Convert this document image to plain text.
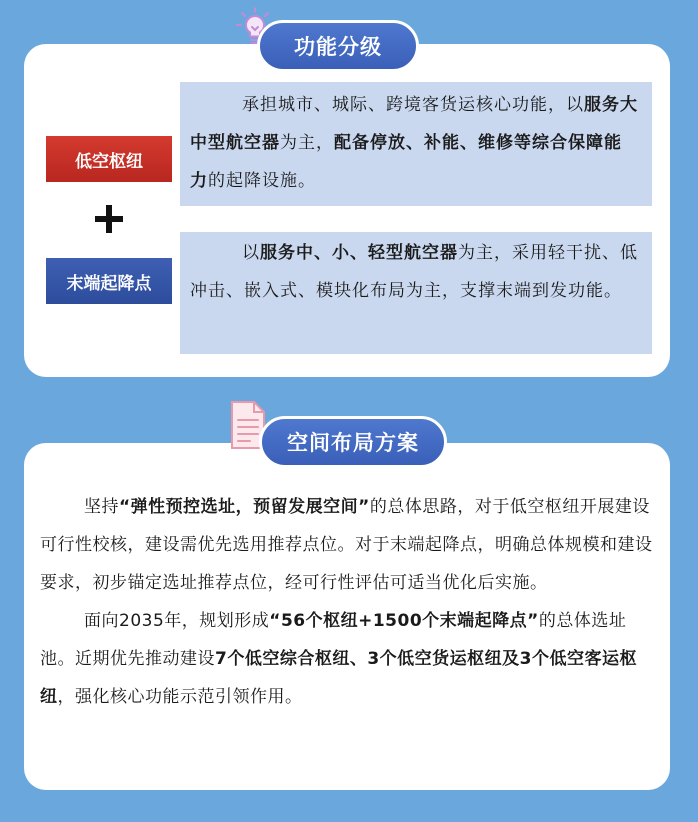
功能分级
低空枢纽
末端起降点
承担城市、城际、跨境客货运核心功能，以服务大中型航空器为主，配备停放、补能、维修等综合保障能力的起降设施。
以服务中、小、轻型航空器为主，采用轻干扰、低冲击、嵌入式、模块化布局为主，支撑末端到发功能。
空间布局方案

坚持“弹性预控选址，预留发展空间”的总体思路，对于低空枢纽开展建设可行性校核，建设需优先选用推荐点位。对于末端起降点，明确总体规模和建设要求，初步锚定选址推荐点位，经可行性评估可适当优化后实施。

面向2035年，规划形成“56个枢纽+1500个末端起降点”的总体选址池。近期优先推动建设7个低空综合枢纽、3个低空货运枢纽及3个低空客运枢纽，强化核心功能示范引领作用。
